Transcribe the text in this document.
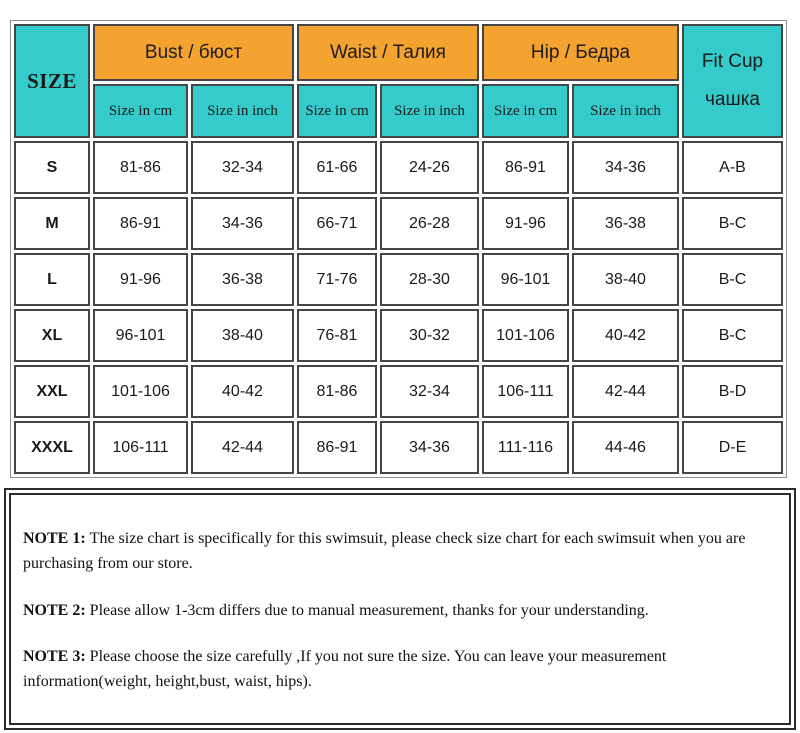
SIZE	Bust / бюст		Waist / Талия		Hip / Бедра		Fit Cup
чашка

	Size in cm	Size in inch	Size in cm	Size in inch	Size in cm	Size in inch	
S	81-86	32-34	61-66	24-26	86-91	34-36	A-B
M	86-91	34-36	66-71	26-28	91-96	36-38	B-C
L	91-96	36-38	71-76	28-30	96-101	38-40	B-C
XL	96-101	38-40	76-81	30-32	101-106	40-42	B-C
XXL	101-106	40-42	81-86	32-34	106-111	42-44	B-D
XXXL	106-111	42-44	86-91	34-36	111-116	44-46	D-E

NOTE 1: The size chart is specifically for this swimsuit, please check size chart for each swimsuit when you are purchasing from our store.

NOTE 2: Please allow 1-3cm differs due to manual measurement, thanks for your understanding.

NOTE 3: Please choose the size carefully ,If you not sure the size. You can leave your measurement information(weight, height,bust, waist, hips).
